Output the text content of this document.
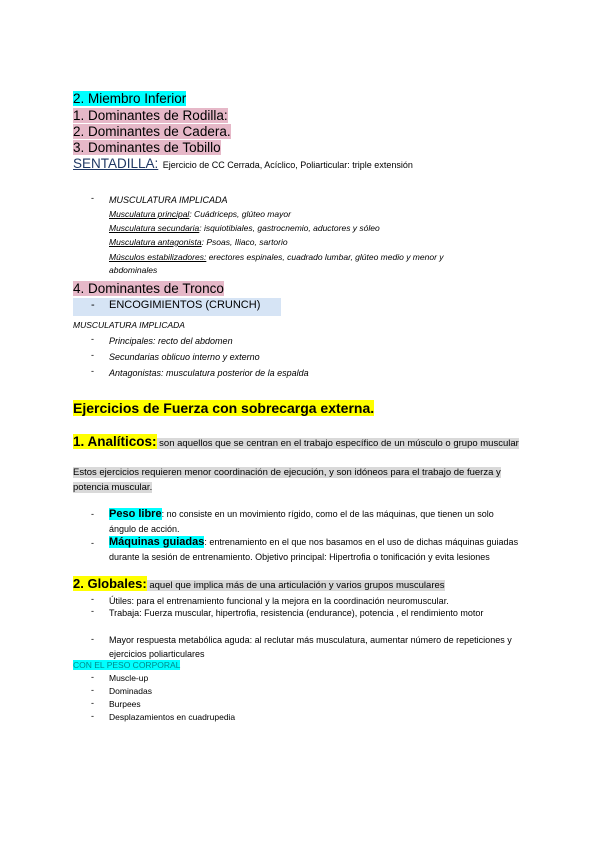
2. Miembro Inferior
1. Dominantes de Rodilla:
2. Dominantes de Cadera.
3. Dominantes de Tobillo
SENTADILLA: Ejercicio de CC Cerrada, Acíclico, Poliarticular: triple extensión
- MUSCULATURA IMPLICADA
Musculatura principal: Cuádriceps, glúteo mayor
Musculatura secundaria: isquiotibiales, gastrocnemio, aductores y sóleo
Musculatura antagonista: Psoas, Iliaco, sartorio
Músculos estabilizadores: erectores espinales, cuadrado lumbar, glúteo medio y menor y abdominales
4. Dominantes de Tronco
- ENCOGIMIENTOS (CRUNCH)
MUSCULATURA IMPLICADA
- Principales: recto del abdomen
- Secundarias oblicuo interno y externo
- Antagonistas: musculatura posterior de la espalda
Ejercicios de Fuerza con sobrecarga externa.
1. Analíticos: son aquellos que se centran en el trabajo específico de un músculo o grupo muscular
Estos ejercicios requieren menor coordinación de ejecución, y son idóneos para el trabajo de fuerza y potencia muscular.
- Peso libre: no consiste en un movimiento rígido, como el de las máquinas, que tienen un solo ángulo de acción.
- Máquinas guiadas: entrenamiento en el que nos basamos en el uso de dichas máquinas guiadas durante la sesión de entrenamiento. Objetivo principal: Hipertrofia o tonificación y evita lesiones
2. Globales: aquel que implica más de una articulación y varios grupos musculares
- Útiles: para el entrenamiento funcional y la mejora en la coordinación neuromuscular.
- Trabaja: Fuerza muscular, hipertrofia, resistencia (endurance), potencia , el rendimiento motor
- Mayor respuesta metabólica aguda: al reclutar más musculatura, aumentar número de repeticiones y ejercicios poliarticulares
CON EL PESO CORPORAL
- Muscle-up
- Dominadas
- Burpees
- Desplazamientos en cuadrupedia
